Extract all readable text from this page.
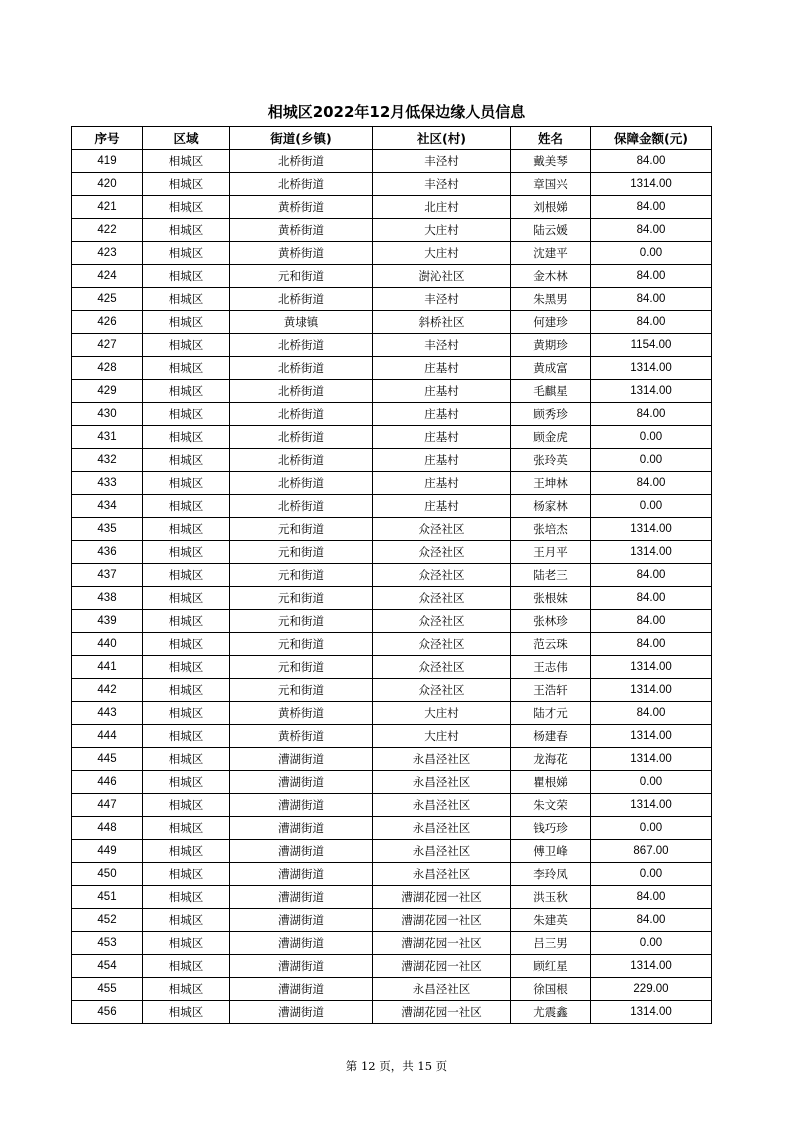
相城区2022年12月低保边缘人员信息
序号	区域	街道(乡镇)	社区(村)	姓名	保障金额(元)
419	相城区	北桥街道	丰泾村	戴美琴	84.00
420	相城区	北桥街道	丰泾村	章国兴	1314.00
421	相城区	黄桥街道	北庄村	刘根娣	84.00
422	相城区	黄桥街道	大庄村	陆云媛	84.00
423	相城区	黄桥街道	大庄村	沈建平	0.00
424	相城区	元和街道	澍沁社区	金木林	84.00
425	相城区	北桥街道	丰泾村	朱黑男	84.00
426	相城区	黄埭镇	斜桥社区	何建珍	84.00
427	相城区	北桥街道	丰泾村	黄期珍	1154.00
428	相城区	北桥街道	庄基村	黄成富	1314.00
429	相城区	北桥街道	庄基村	毛麒星	1314.00
430	相城区	北桥街道	庄基村	顾秀珍	84.00
431	相城区	北桥街道	庄基村	顾金虎	0.00
432	相城区	北桥街道	庄基村	张玲英	0.00
433	相城区	北桥街道	庄基村	王坤林	84.00
434	相城区	北桥街道	庄基村	杨家林	0.00
435	相城区	元和街道	众泾社区	张培杰	1314.00
436	相城区	元和街道	众泾社区	王月平	1314.00
437	相城区	元和街道	众泾社区	陆老三	84.00
438	相城区	元和街道	众泾社区	张根妹	84.00
439	相城区	元和街道	众泾社区	张林珍	84.00
440	相城区	元和街道	众泾社区	范云珠	84.00
441	相城区	元和街道	众泾社区	王志伟	1314.00
442	相城区	元和街道	众泾社区	王浩轩	1314.00
443	相城区	黄桥街道	大庄村	陆才元	84.00
444	相城区	黄桥街道	大庄村	杨建春	1314.00
445	相城区	漕湖街道	永昌泾社区	龙海花	1314.00
446	相城区	漕湖街道	永昌泾社区	瞿根娣	0.00
447	相城区	漕湖街道	永昌泾社区	朱文荣	1314.00
448	相城区	漕湖街道	永昌泾社区	钱巧珍	0.00
449	相城区	漕湖街道	永昌泾社区	傅卫峰	867.00
450	相城区	漕湖街道	永昌泾社区	李玲凤	0.00
451	相城区	漕湖街道	漕湖花园一社区	洪玉秋	84.00
452	相城区	漕湖街道	漕湖花园一社区	朱建英	84.00
453	相城区	漕湖街道	漕湖花园一社区	吕三男	0.00
454	相城区	漕湖街道	漕湖花园一社区	顾红星	1314.00
455	相城区	漕湖街道	永昌泾社区	徐国根	229.00
456	相城区	漕湖街道	漕湖花园一社区	尤震鑫	1314.00
第 12 页，共 15 页
